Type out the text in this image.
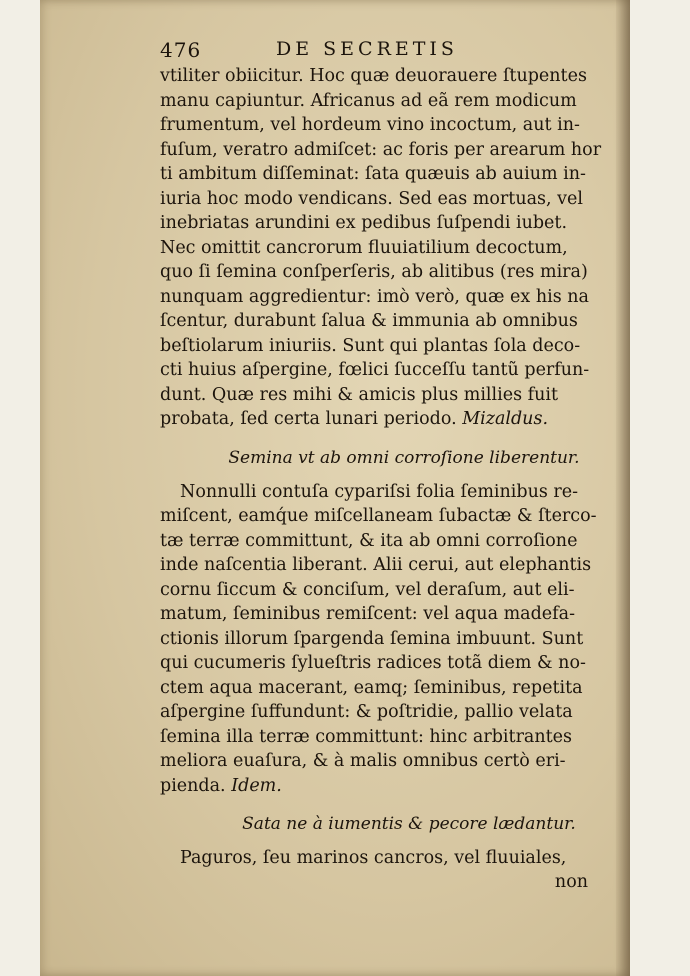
476	DE SECRETIS
vtiliter obiicitur. Hoc quæ deuorauere ſtupentes
manu capiuntur. Africanus ad eã rem modicum
frumentum, vel hordeum vino incoctum, aut in-
fuſum, veratro admiſcet: ac foris per arearum hor
ti ambitum diſſeminat: ſata quæuis ab auium in-
iuria hoc modo vendicans. Sed eas mortuas, vel
inebriatas arundini ex pedibus ſuſpendi iubet.
Nec omittit cancrorum fluuiatilium decoctum,
quo ſi ſemina conſperſeris, ab alitibus (res mira)
nunquam aggredientur: imò verò, quæ ex his na
ſcentur, durabunt ſalua & immunia ab omnibus
beſtiolarum iniuriis. Sunt qui plantas ſola deco-
cti huius aſpergine, fœlici ſucceſſu tantũ perfun-
dunt. Quæ res mihi & amicis plus millies fuit
probata, ſed certa lunari periodo. Mizaldus.
Semina vt ab omni corroſione liberentur.
Nonnulli contuſa cypariſsi folia ſeminibus re-
miſcent, eamq́ue miſcellaneam ſubactæ & ſterco-
tæ terræ committunt, & ita ab omni corroſione
inde naſcentia liberant. Alii cerui, aut elephantis
cornu ſiccum & conciſum, vel deraſum, aut eli-
matum, ſeminibus remiſcent: vel aqua madefa-
ctionis illorum ſpargenda ſemina imbuunt. Sunt
qui cucumeris ſylueſtris radices totã diem & no-
ctem aqua macerant, eamq; ſeminibus, repetita
aſpergine ſuffundunt: & poſtridie, pallio velata
ſemina illa terræ committunt: hinc arbitrantes
meliora euaſura, & à malis omnibus certò eri-
pienda. Idem.
Sata ne à iumentis & pecore lædantur.
Paguros, ſeu marinos cancros, vel fluuiales,
non
